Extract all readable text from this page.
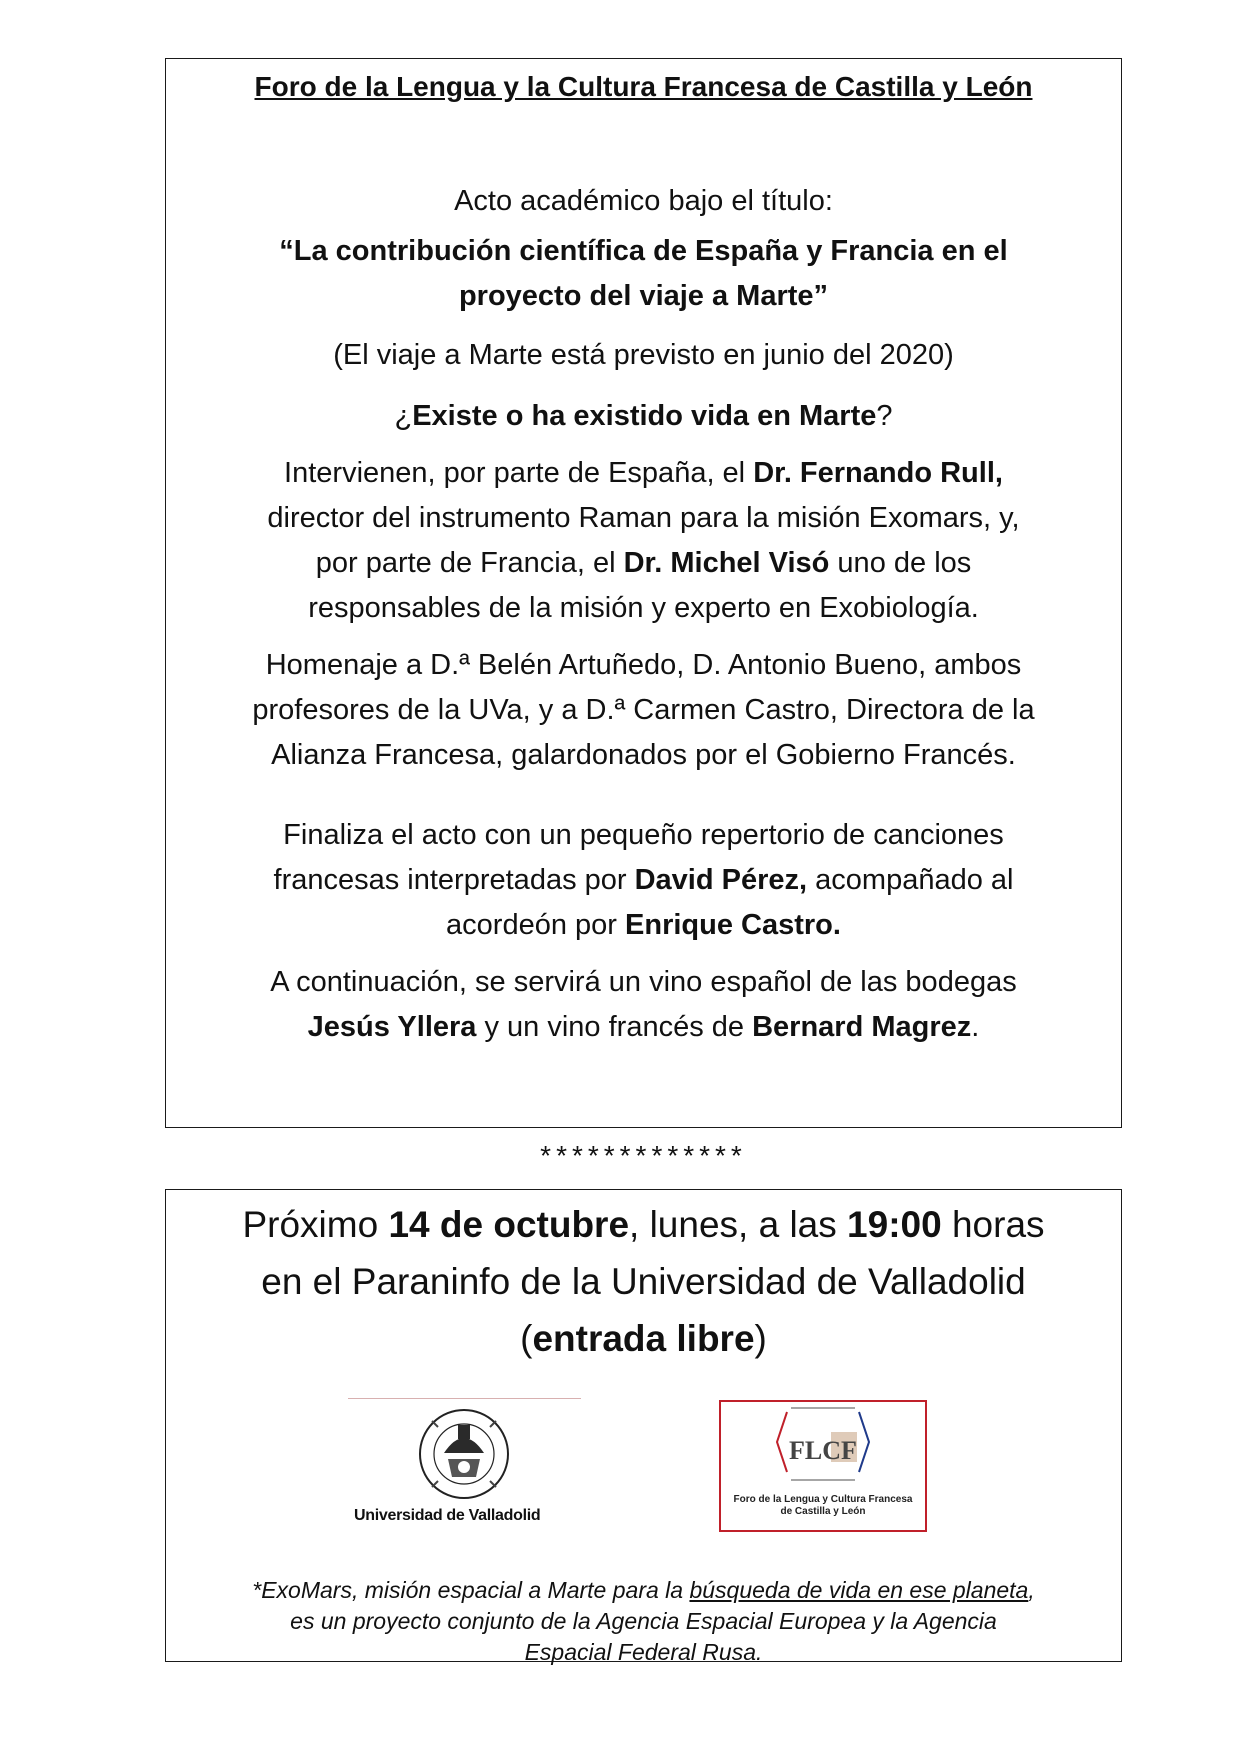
Foro de la Lengua y la Cultura Francesa de Castilla y León

Acto académico bajo el título:

“La contribución científica de España y Francia en el
proyecto del viaje a Marte”

(El viaje a Marte está previsto en junio del 2020)

¿Existe o ha existido vida en Marte?

Intervienen, por parte de España, el Dr. Fernando Rull,
director del instrumento Raman para la misión Exomars, y,
por parte de Francia, el Dr. Michel Visó uno de los
responsables de la misión y experto en Exobiología.

Homenaje a D.ª Belén Artuñedo, D. Antonio Bueno, ambos
profesores de la UVa, y a D.ª Carmen Castro, Directora de la
Alianza Francesa, galardonados por el Gobierno Francés.

Finaliza el acto con un pequeño repertorio de canciones
francesas interpretadas por David Pérez, acompañado al
acordeón por Enrique Castro.

A continuación, se servirá un vino español de las bodegas
Jesús Yllera y un vino francés de Bernard Magrez.

*************

Próximo 14 de octubre, lunes, a las 19:00 horas

en el Paraninfo de la Universidad de Valladolid

(entrada libre)

Universidad de Valladolid
FLCF
Foro de la Lengua y Cultura Francesa de Castilla y León
*ExoMars, misión espacial a Marte para la búsqueda de vida en ese planeta,
es un proyecto conjunto de la Agencia Espacial Europea y la Agencia
Espacial Federal Rusa.
